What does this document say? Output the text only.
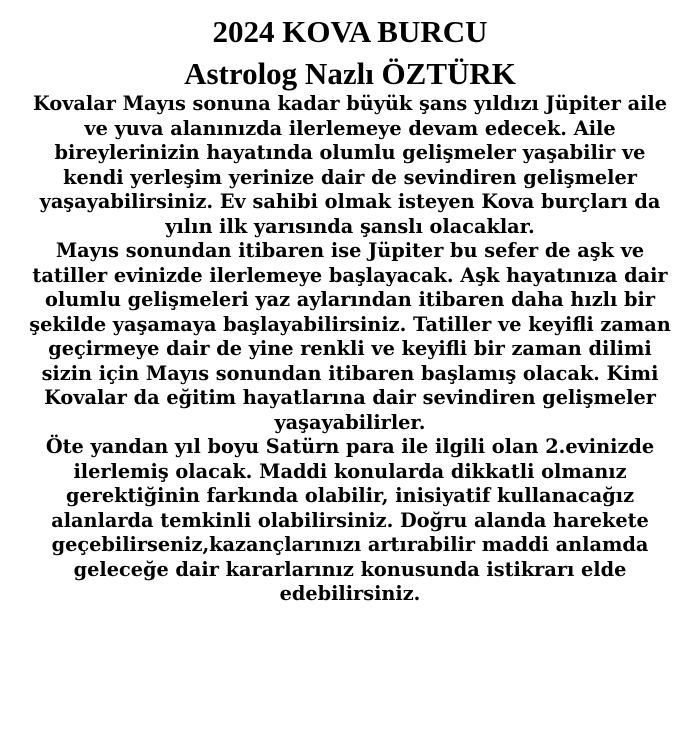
2024 KOVA BURCU
Astrolog Nazlı ÖZTÜRK

Kovalar Mayıs sonuna kadar büyük şans yıldızı Jüpiter aile
ve yuva alanınızda ilerlemeye devam edecek. Aile
bireylerinizin hayatında olumlu gelişmeler yaşabilir ve
kendi yerleşim yerinize dair de sevindiren gelişmeler
yaşayabilirsiniz. Ev sahibi olmak isteyen Kova burçları da
yılın ilk yarısında şanslı olacaklar.
Mayıs sonundan itibaren ise Jüpiter bu sefer de aşk ve
tatiller evinizde ilerlemeye başlayacak. Aşk hayatınıza dair
olumlu gelişmeleri yaz aylarından itibaren daha hızlı bir
şekilde yaşamaya başlayabilirsiniz. Tatiller ve keyifli zaman
geçirmeye dair de yine renkli ve keyifli bir zaman dilimi
sizin için Mayıs sonundan itibaren başlamış olacak. Kimi
Kovalar da eğitim hayatlarına dair sevindiren gelişmeler
yaşayabilirler.
Öte yandan yıl boyu Satürn para ile ilgili olan 2.evinizde
ilerlemiş olacak. Maddi konularda dikkatli olmanız
gerektiğinin farkında olabilir, inisiyatif kullanacağız
alanlarda temkinli olabilirsiniz. Doğru alanda harekete
geçebilirseniz,kazançlarınızı artırabilir maddi anlamda
geleceğe dair kararlarınız konusunda istikrarı elde
edebilirsiniz.
